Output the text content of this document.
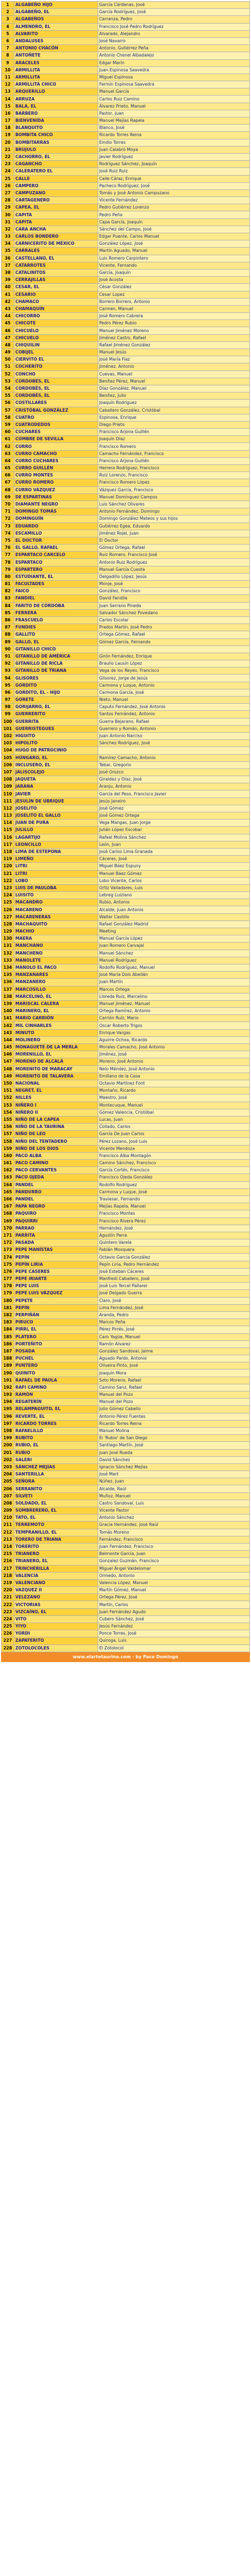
1	ALGABEÑO HIJO	García Cárdenas, José
2	ALGABEÑO, EL	García Rodríguez, José
3	ALGABEÑOS	Carranza, Pedro
4	ALMENDRO, EL	Francisco José Pedro Rodríguez
5	ALVARITO	Alvarado, Alejandro
6	ANDALUSES	José Navarro
7	ANTONIO CHACÓN	Antonio, Gutiérrez Peña
8	ANTOÑETE	Antonio Chenel Albadalejo
9	ARACELES	Edgar Marín
10	ARMILLITA	Juan Espinosa Saavedra
11	ARMILLITA	Miguel Espinosa
12	ARMILLITA CHICO	Fermín Espinosa Saavedra
13	ARQUERILLO	Manuel García
14	ARRUZA	Carlos Ruiz Camino
15	BALA, EL	Álvarez Prieto, Manuel
16	BARBERO	Pastor, Juan
17	BIENVENIDA	Manuel Mejías Rapela
18	BLANQUITO	Blanco, José
19	BOMBITA CHICO	Ricardo Torres Reina
20	BOMBITARRAS	Emilio Torres
21	BRUJULO	Juan Calabró Moya
22	CACHORRO, EL	Javier Rodríguez
23	CAGANCHO	Rodríguez Sánchez, Joaquín
24	CALERATERO EL	José Ruiz Ruiz
25	CALLE	Calle Cáraz, Enrique
26	CAMPERO	Pacheco Rodríguez, José
27	CAMPUZANO	Tomás y José Antonio Campuzano
28	CARTAGENERO	Vicente Fernández
29	CAPEA, EL	Pedro Gutiérrez Lorenzo
30	CAPITA	Pedro Peña
31	CAPITA	Capa García, Joaquín
32	CARA ANCHA	Sánchez del Campo, José
33	CARLOS BONDERO	Edgar Puente, Carlos Manuel
34	CARNICERITO DE MÉXICO	González López, José
35	CARRALES	Martín Aguado, Manuel
36	CASTELLANO, EL	Luis Romero Carpintero
37	CATARROTES	Vicente, Fernando
38	CATALINITOS	García, Joaquín
39	CERRAJILLAS	José Acosta
40	CESAR, EL	César González
41	CESARIO	Cesar Lopez
42	CHAMACO	Borrero Borrero, Antonio
43	CHAMAQUÍN	Carmen, Manuel
44	CHICORRO	José Romero Cabrera
45	CHICOTE	Pedro Pérez Rubio
46	CHICUELO	Manuel Jiménez Moreno
47	CHICUELO	Jiménez Castro, Rafael
48	CHIQUILIN	Rafael Jiménez González
49	COBIJEL	Manuel Jesús
50	CIERVITO EL	José María Fiaz
51	COCHERITO	Jiménez, Antonio
52	CONCHO	Cuevas, Manuel
53	CORDOBÉS, EL	Benítez Pérez, Manuel
54	CORDOBÉS, EL	Díaz González, Manuel
55	CORDOBÉS, EL	Benítez, Julio
56	COSTILLARES	Joaquín Rodríguez
57	CRISTÓBAL GONZÁLEZ	Caballero González, Cristóbal
58	CUATRO	Espinosa, Enrique
59	CUATRODEDOS	Diego Prieto
60	CUCHARES	Francisco Arjona Guillén
61	CÚMBRE DE SEVILLA	Joaquín Díaz
62	CURRO	Francisco Romero
63	CURRO CAMACHO	Camacho Fernández, Francisco
64	CURRO CUCHARES	Francisco Arjona Guillén
65	CURRO GUILLÉN	Herrera Rodríguez, Francisco
66	CURRO MONTES	Ruiz Lorenzo, Francisco
67	CURRO ROMERO	Francisco Romero López
68	CURRO VÁZQUEZ	Vázquez García, Francisco
69	DE ESPARTINAS	Manuel Domínguez Campos
70	DIAMANTE NEGRO	Luis Sánchez Olivares
71	DOMINGO TOMÁS	Antonio Fernández, Domingo
72	DOMINGUÍN	Domingo González Mateos y sus hijos
73	EDUARDO	Gutiérrez Egea, Eduardo
74	ESCAMILLO	Jiménez Rojel, Juan
75	EL DOCTOR	El Doctor
76	EL GALLO, RAFAEL	Gómez Ortega, Rafael
77	ESPARTACO CARCELO	Ruiz Romero, Francisco José
78	ESPARTACO	Antonio Ruiz Rodríguez
79	ESPARTERO	Manuel García Cuesta
80	ESTUDIANTE, EL	Delgadillo López, Jesús
81	FACULTADES	Monje, José
82	FAICO	González, Francisco
83	FANDIEL	David Fandila
84	FARITO DE CÓRDOBA	Juan Serrano Pineda
85	FERRERA	Salvador Sánchez Povedano
86	FRASCUELO	Carlos Escolar
87	FUNDIES	Prados Martín, José Pedro
88	GALLITO	Ortega Gómez, Rafael
89	GALLO, EL	Gómez García, Fernando
90	GITANILLO CHICO	
91	GITANILLO DE AMÉRICA	Girón Fernández, Enrique
92	GITANILLO DE RICLA	Braulio Lausín López
93	GITANILLO DE TRIANA	Vega de los Reyes, Francisco
94	GLISORES	Glisorez, Jorge de Jesús
95	GORDITO	Carmona y Luque, Antonio
96	GORDITO, EL - HIJO	Carmona García, José
97	GORETE	Nieto, Manuel
98	GORIJÁRRO, EL	Caputo Fernández, José Antonio
99	GUERRERITO	Santos Fernández, Antonio
100	GUERRITA	Guerra Bejarano, Rafael
101	GUERRISTEGUES	Guerrero y Román, Antonio
102	HIGUITO	Juan Antonio Narciso
103	HIPOLITO	Sánchez Rodríguez, José
104	HUGO DE PATROCINIO	
105	HÚNGARO, EL	Ramírez Camacho, Antonio
106	INCLUSERO, EL	Tebar, Gregorio
107	JALISCOLEJO	José Orozco
108	JAQUETA	Giraldez y Díaz, José
109	JARANA	Aranju, Antonio
110	JAVIER	García del Peso, Francisco Javier
111	JESULÍN DE UBRIQUE	Jesús Janeiro
112	JOSELITO	José Gómez
113	JOSELITO EL GALLO	José Gómez Ortega
114	JUAN DE PURA	Vega Mangas, Juan Jorge
115	JULILLO	Julián López Escobar
116	LAGARTIJO	Rafael Molina Sánchez
117	LEONCILLO	León, Juan
118	LIMA DE ESTEPONA	José Carlos Lima Granada
119	LIMEÑO	Cáceres, José
120	LITRI	Miguel Báez Espuny
121	LITRI	Manuel Báez Gómez
122	LOBO	Lobo Vicente, Carlos
123	LUIS DE PAULOBA	Ortiz Valladares, Luis
124	LUISITO	Lebreg Luiziano
125	MACANDRO	Rubio, Antonio
126	MACARENO	Alcalde, Juan Antonio
127	MACARENERAS	Walter Castillo
128	MACHAQUITO	Rafael González Madrid
129	MACHIO	Meeting
130	MAERA	Manuel García López
131	MANCHANO	Juan Romero Carvajal
132	MANCHENO	Manuel Sánchez
133	MANOLETE	Manuel Rodríguez
134	MANOLO EL PACO	Rodolfo Rodríguez, Manuel
135	MANZANARES	José María Dols Abellán
136	MANZANERO	Juan Martín
137	MARCOSILLO	Marcos Ortega
138	MARCELINO, EL	Lloreda Ruiz, Marcelino
139	MARISCAL CALERA	Manuel Jiménez, Manuel
140	MARINERO, EL	Ortega Ramírez, Antonio
141	MARIO CARRIÓN	Carrión Ruíz, Mario
142	MIL CINHARLES	Oscar Roberto Trigos
143	MINUTO	Enrique Vargas
144	MOLINERO	Aguirre Ochoa, Ricardo
145	MONAGUETE DE LA MERLA	Morales Camacho, José Antonio
146	MORENILLO, EL	Jiménez, José
147	MORENO DE ALCALÁ	Moreno, José Antonio
148	MORENITO DE MARACAY	Nelo Méndez, José Antonio
149	MORENITO DE TALAVERA	Emiliano de la Casa
150	NACIONAL	Octavio Martínez Font
151	NEGRET, EL	Montaño, Ricardo
152	NILLES	Maestro, José
153	NIÑERO I	Montecuque, Manuel
154	NIÑERO II	Gómez Valencia, Cristóbal
155	NIÑO DE LA CAPEA	Lucas, Juan
156	NIÑO DE LA TAURINA	Collado, Carlos
157	NIÑO DE LEO	García De Juan Carlos
158	NIÑO DEL TENTADERO	Pérez Lozano, José Luis
159	NIÑO DE LOS DIOS	Vicente Mendoza
160	PACO ALBA	Francisco Alba Montagón
161	PACO CAMINO	Camino Sánchez, Francisco
162	PACO CERVANTES	García Cortés, Francisco
163	PACO OJEDA	Francisco Ojeda González
164	PANDEL	Rodolfo Rodríguez
165	PANDURRO	Carmona y Luque, José
166	PANDEL	Traviesar, Fernando
167	PAPA NEGRO	Mejías Rapela, Manuel
168	PAQUIRO	Francisco Montes
169	PAQUIRRI	Francisco Rivera Pérez
170	PARRAO	Hernández, José
171	PARRITA	Agustín Parra
172	PASADA	Quintero Varela
173	PEPE MANÍSTAS	Fabián Mosquera
174	PEPÍN	Octavio García González
175	PEPÍN LIRIA	Pepín Liria, Pedro Hernández
176	PEPE CASERES	José Esteban Cáceres
177	PEPE IRIARTE	Manfredi Caballero, José
178	PEPE LUIS	José Luis Tercel Pallarer
179	PEPE LUIS VÁZQUEZ	José Delgado Guerra
180	PEPETE	Claro, José
181	PEPÍN	Lima Fernández, José
182	PERPIÑÁN	Aranda, Pedro
183	PIRUCO	Marcos Peña
184	PIRRI, EL	Pérez Pirrés, José
185	PLATERO	Caro Yagüe, Manuel
186	PORTEÑITO	Ramón Alvarez
187	POSADA	González Sandoval, Jaime
188	PUCHEL	Aguado Pardo, Antonio
189	PUNTERO	Oliveira Pinto, José
190	QUINITO	Joaquín Mora
191	RAFAEL DE PAULA	Soto Moreno, Rafael
192	RAFI CAMINO	Camino Sanz, Rafael
193	RAMÓN	Manuel del Pozo
194	REGATERÍN	Manuel del Pozo
195	RELAMPAGUITO, EL	Julio Gómez Cabello
196	REVERTE, EL	Antonio Pérez Fuentes
197	RICARDO TORRES	Ricardo Torres Reina
198	RAFAELILLO	Manuel Molina
199	RUBITO	El 'Rubio' de San Diego
200	RUBIO, EL	Santiago Martín, José
201	RUBIO	Juan José Rueda
202	SALERI	David Sánchez
203	SÁNCHEZ MEJÍAS	Ignacio Sánchez Mejías
204	SANTERILLA	José Mart
205	SEÑORA	Núñez, Juan
206	SERRANITO	Alcalde, Raúl
207	SILVETI	Muñoz, Manuel
208	SOLDADO, EL	Castro Sandoval, Luis
209	SOMBRERERO, EL	Vicente Pastor
210	TATO, EL	Antonio Sánchez
211	TERREMOTO	Gracia Hernández, José Raúl
212	TEMPRANILLO, EL	Tomás Moreno
213	TORERO DE TRIANA	Fernández, Francisco
214	TORERITO	Juan Fernández, Francisco
215	TRIANERO	Belmonte García, Juan
216	TRIANERO, EL	Gonzalez Guzmán, Francisco
217	TRINCHERILLA	Miguel Ángel Valdelomar
218	VALENCIA	Ormedo, Antonio
219	VALENCIANO	Valencia López, Manuel
220	VAZQUEZ II	Martín Gómez, Manuel
221	VELEZANO	Ortega Pérez, José
222	VICTORIAS	Martín, Carlos
223	VIZCAÍNO, EL	Juan Fernández Agudo
224	VITO	Cubero Sánchez, José
225	YIYO	Jesús Fernández
226	YORDI	Ponce Torres, José
227	ZAPATERITO	Quiroga, Luis
228	ZOTOLOCOLES	El Zotolocol
www.elartetaurino.com · by Paco Domingo
